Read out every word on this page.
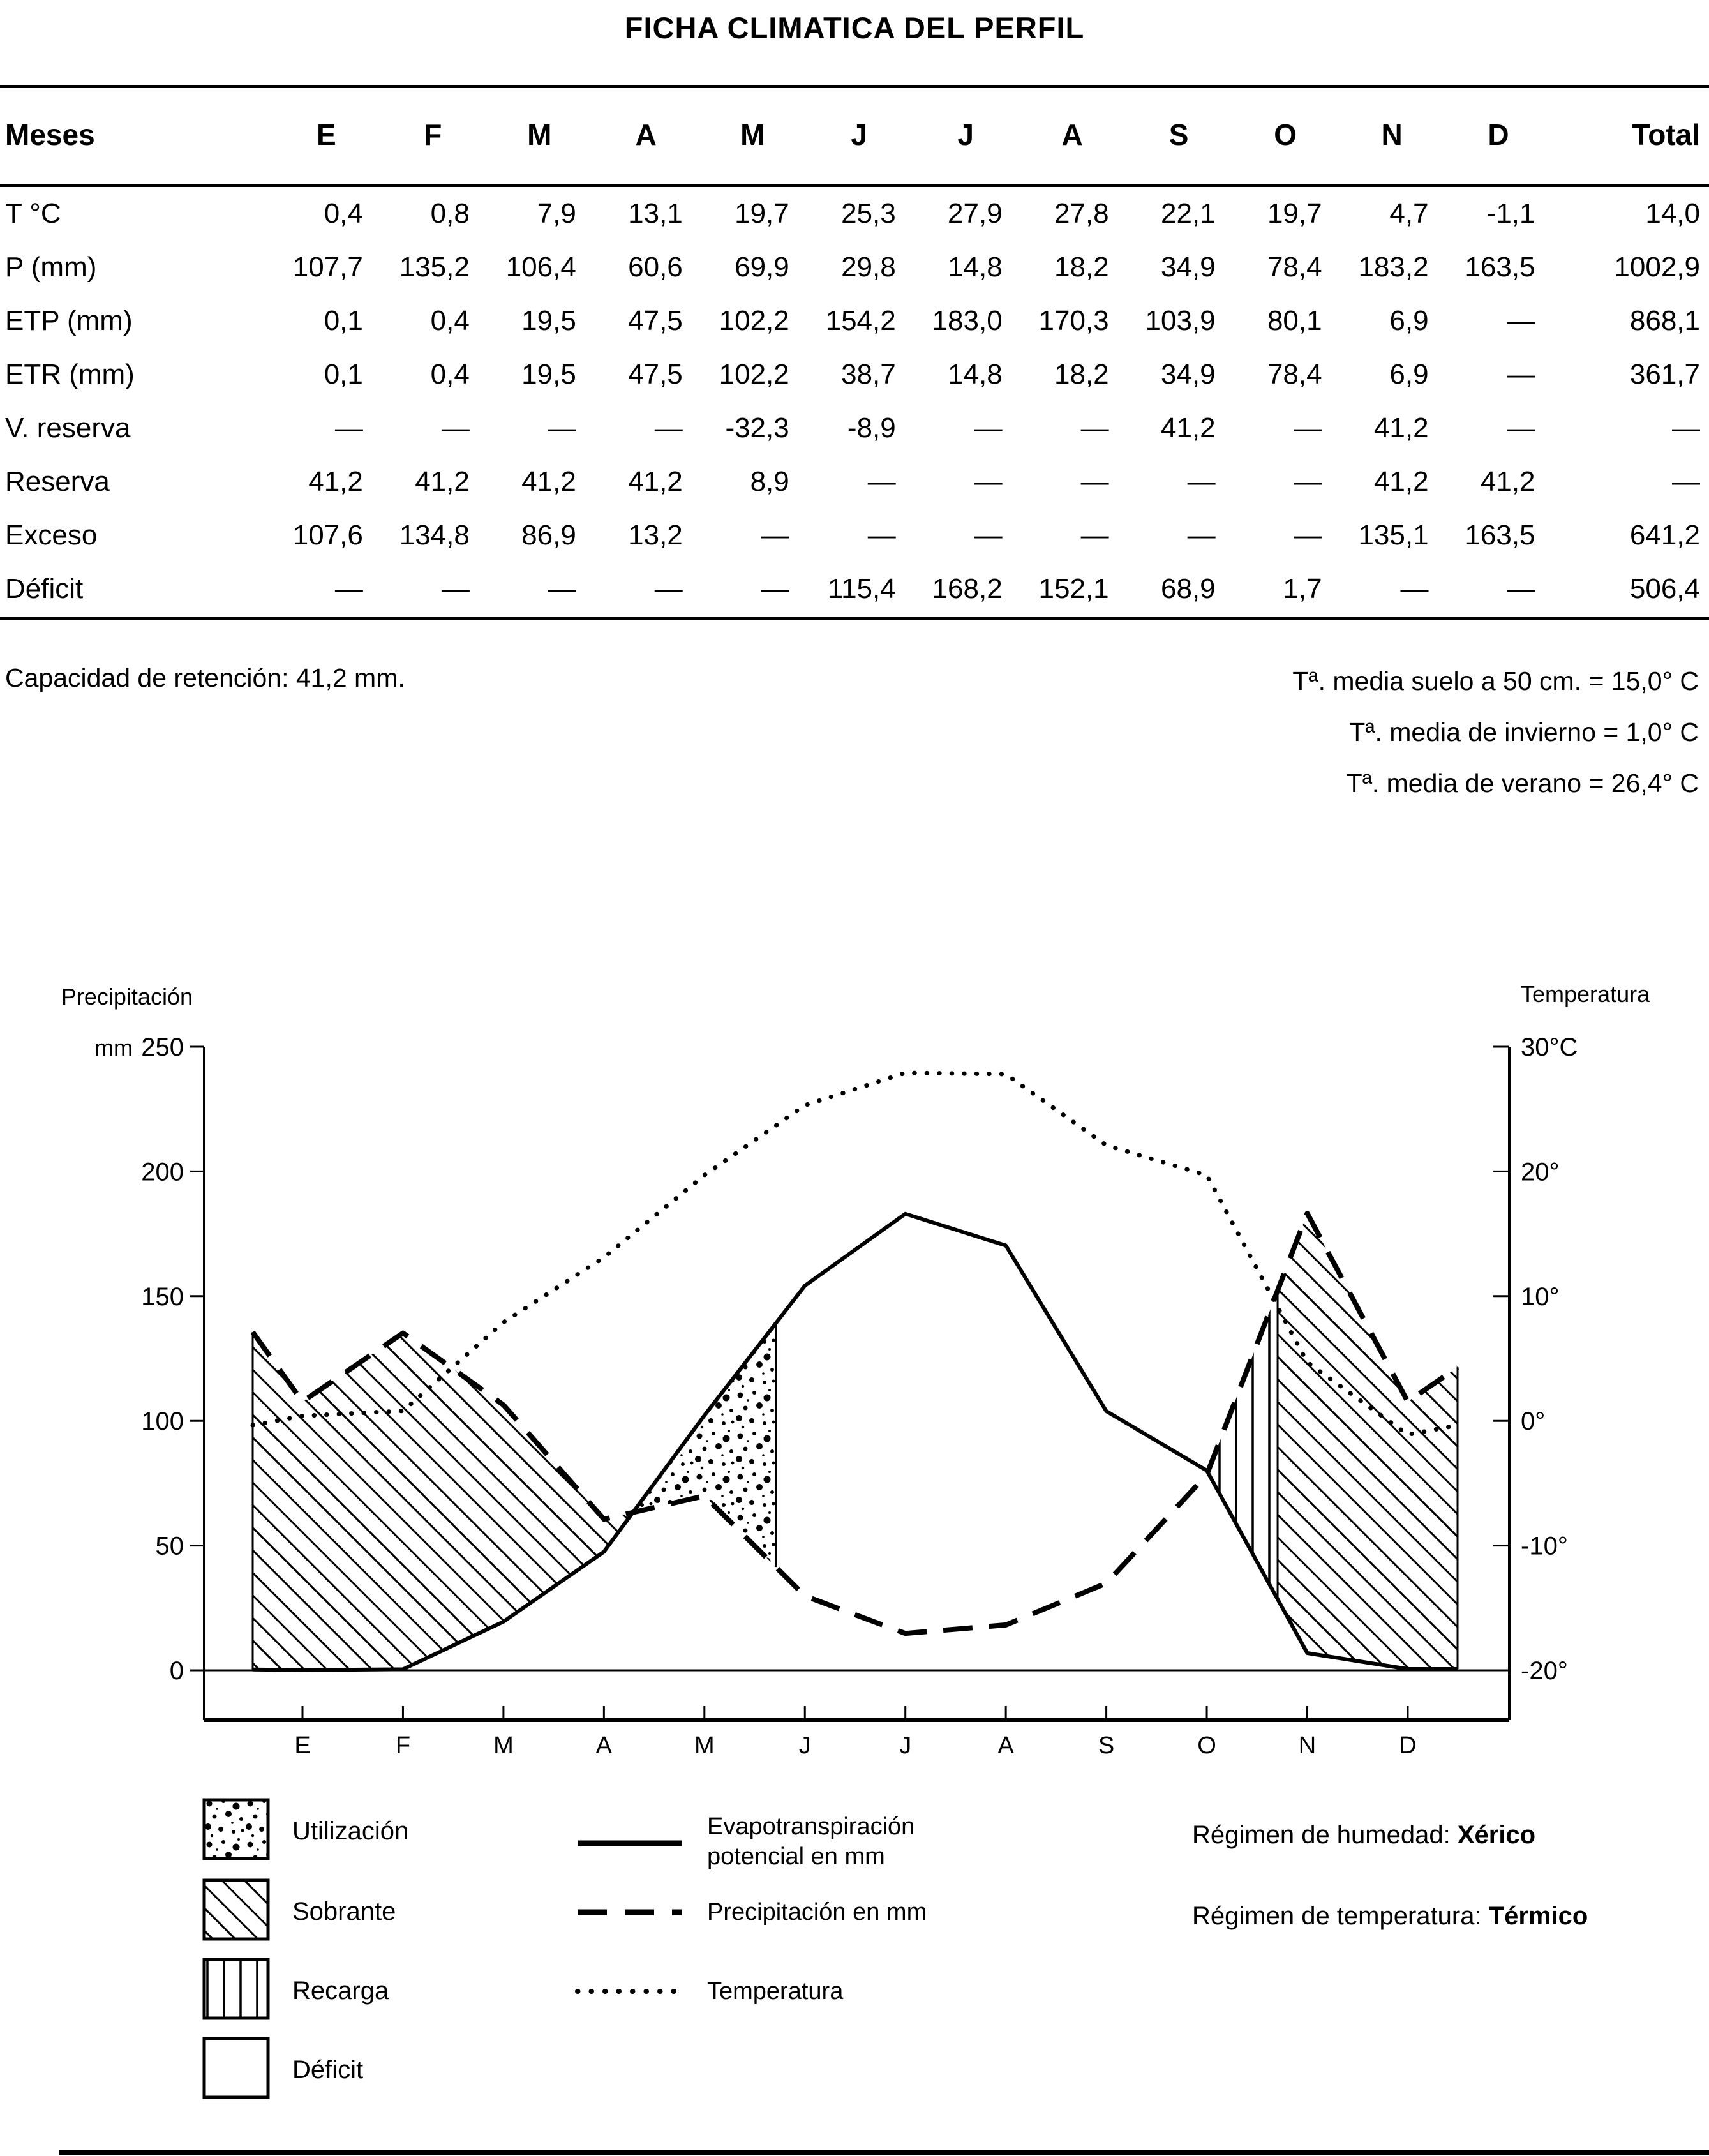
FICHA CLIMATICA DEL PERFIL
Meses	E	F	M	A	M	J	J	A	S	O	N	D	Total
T °C	0,4	0,8	7,9	13,1	19,7	25,3	27,9	27,8	22,1	19,7	4,7	-1,1	14,0
P (mm)	107,7	135,2	106,4	60,6	69,9	29,8	14,8	18,2	34,9	78,4	183,2	163,5	1002,9
ETP (mm)	0,1	0,4	19,5	47,5	102,2	154,2	183,0	170,3	103,9	80,1	6,9	—	868,1
ETR (mm)	0,1	0,4	19,5	47,5	102,2	38,7	14,8	18,2	34,9	78,4	6,9	—	361,7
V. reserva	—	—	—	—	-32,3	-8,9	—	—	41,2	—	41,2	—	—
Reserva	41,2	41,2	41,2	41,2	8,9	—	—	—	—	—	41,2	41,2	—
Exceso	107,6	134,8	86,9	13,2	—	—	—	—	—	—	135,1	163,5	641,2
Déficit	—	—	—	—	—	115,4	168,2	152,1	68,9	1,7	—	—	506,4
Capacidad de retención: 41,2 mm.	Tª. media suelo a 50 cm. = 15,0° C
Tª. media de invierno = 1,0° C
Tª. media de verano = 26,4° C
250
200
150
100
50
0
Precipitación
mm	30°C
20°
10°
0°
-10°
-20°
Temperatura
E	F	M	A	M	J	J	A	S	O	N	D
Utilización
Sobrante
Recarga
Déficit
Evapotranspiración
potencial en mm
Precipitación en mm
Temperatura
Régimen de humedad: Xérico
Régimen de temperatura: Térmico
